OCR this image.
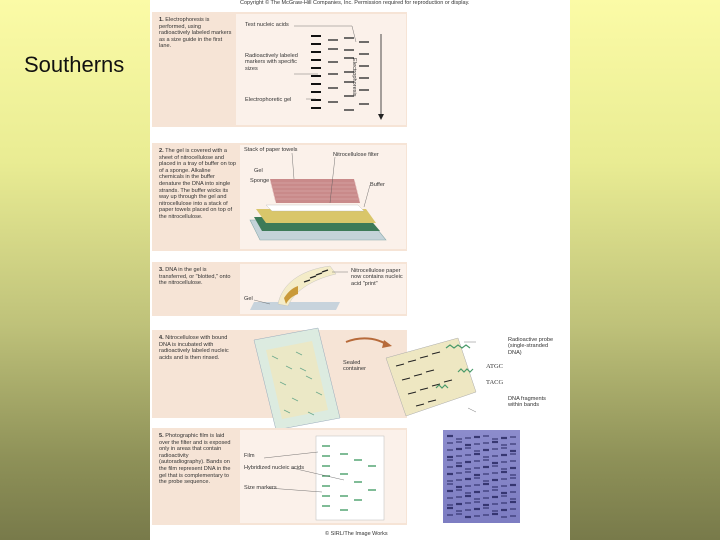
Southerns
Copyright © The McGraw-Hill Companies, Inc. Permission required for reproduction or display.
1. Electrophoresis is performed, using radioactively labeled markers as a size guide in the first lane.
Test nucleic acids
Radioactively labeled markers with specific sizes
Electrophoretic gel
Electrophoresis
2. The gel is covered with a sheet of nitrocellulose and placed in a tray of buffer on top of a sponge. Alkaline chemicals in the buffer denature the DNA into single strands. The buffer wicks its way up through the gel and nitrocellulose into a stack of paper towels placed on top of the nitrocellulose.
Stack of paper towels
Nitrocellulose filter
Gel
Sponge
Buffer
3. DNA in the gel is transferred, or "blotted," onto the nitrocellulose.
Gel
Nitrocellulose paper now contains nucleic acid "print"
4. Nitrocellulose with bound DNA is incubated with radioactively labeled nucleic acids and is then rinsed.
Sealed container
Radioactive probe (single-stranded DNA)
ATGC
TACG
DNA fragments within bands
5. Photographic film is laid over the filter and is exposed only in areas that contain radioactivity (autoradiography). Bands on the film represent DNA in the gel that is complementary to the probe sequence.
Film
Hybridized nucleic acids
Size markers
© SIRL/The Image Works
